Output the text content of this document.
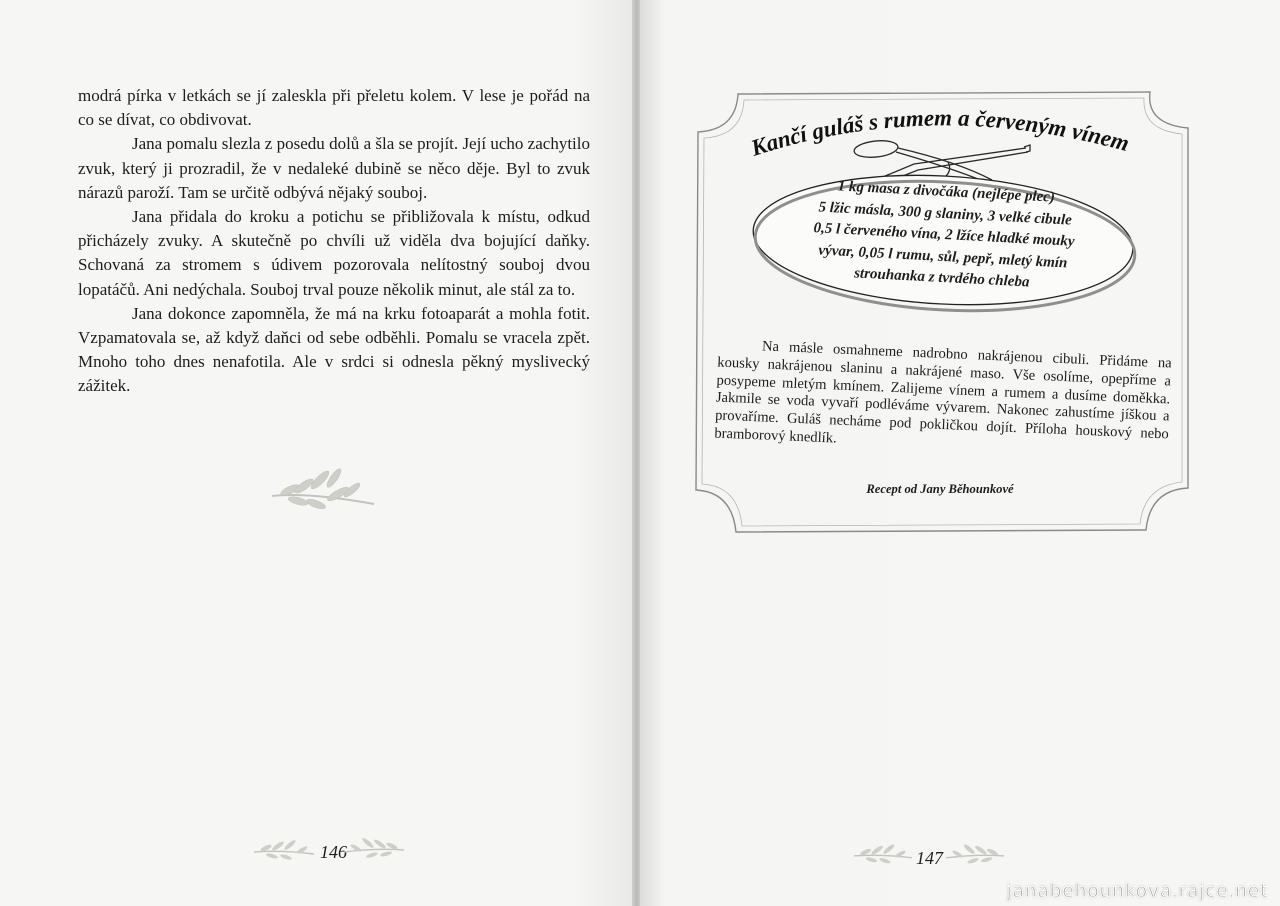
modrá pírka v letkách se jí zaleskla při přeletu kolem. V lese je pořád na co se dívat, co obdivovat.

Jana pomalu slezla z posedu dolů a šla se projít. Její ucho zachytilo zvuk, který ji prozradil, že v nedaleké dubině se něco děje. Byl to zvuk nárazů paroží. Tam se určitě odbývá nějaký souboj.

Jana přidala do kroku a potichu se přibližovala k místu, odkud přicházely zvuky. A skutečně po chvíli už viděla dva bojující daňky. Schovaná za stromem s údivem pozorovala nelítostný souboj dvou lopatáčů. Ani nedýchala. Souboj trval pouze několik minut, ale stál za to.

Jana dokonce zapomněla, že má na krku fotoaparát a mohla fotit. Vzpamatovala se, až když daňci od sebe odběhli. Pomalu se vracela zpět. Mnoho toho dnes nenafotila. Ale v srdci si odnesla pěkný myslivecký zážitek.

146
Kančí guláš s rumem a červeným vínem
1 kg masa z divočáka (nejlépe plec)
5 lžic másla, 300 g slaniny, 3 velké cibule
0,5 l červeného vína, 2 lžíce hladké mouky
vývar, 0,05 l rumu, sůl, pepř, mletý kmín
strouhanka z tvrdého chleba

Na másle osmahneme nadrobno nakrájenou cibuli. Přidáme na kousky nakrájenou slaninu a nakrájené maso. Vše osolíme, opepříme a posypeme mletým kmínem. Zalijeme vínem a rumem a dusíme doměkka. Jakmile se voda vyvaří podléváme vývarem. Nakonec zahustíme jíškou a provaříme. Guláš necháme pod pokličkou dojít. Příloha houskový nebo bramborový knedlík.

Recept od Jany Běhounkové
147
janabehounkova.rajce.net
